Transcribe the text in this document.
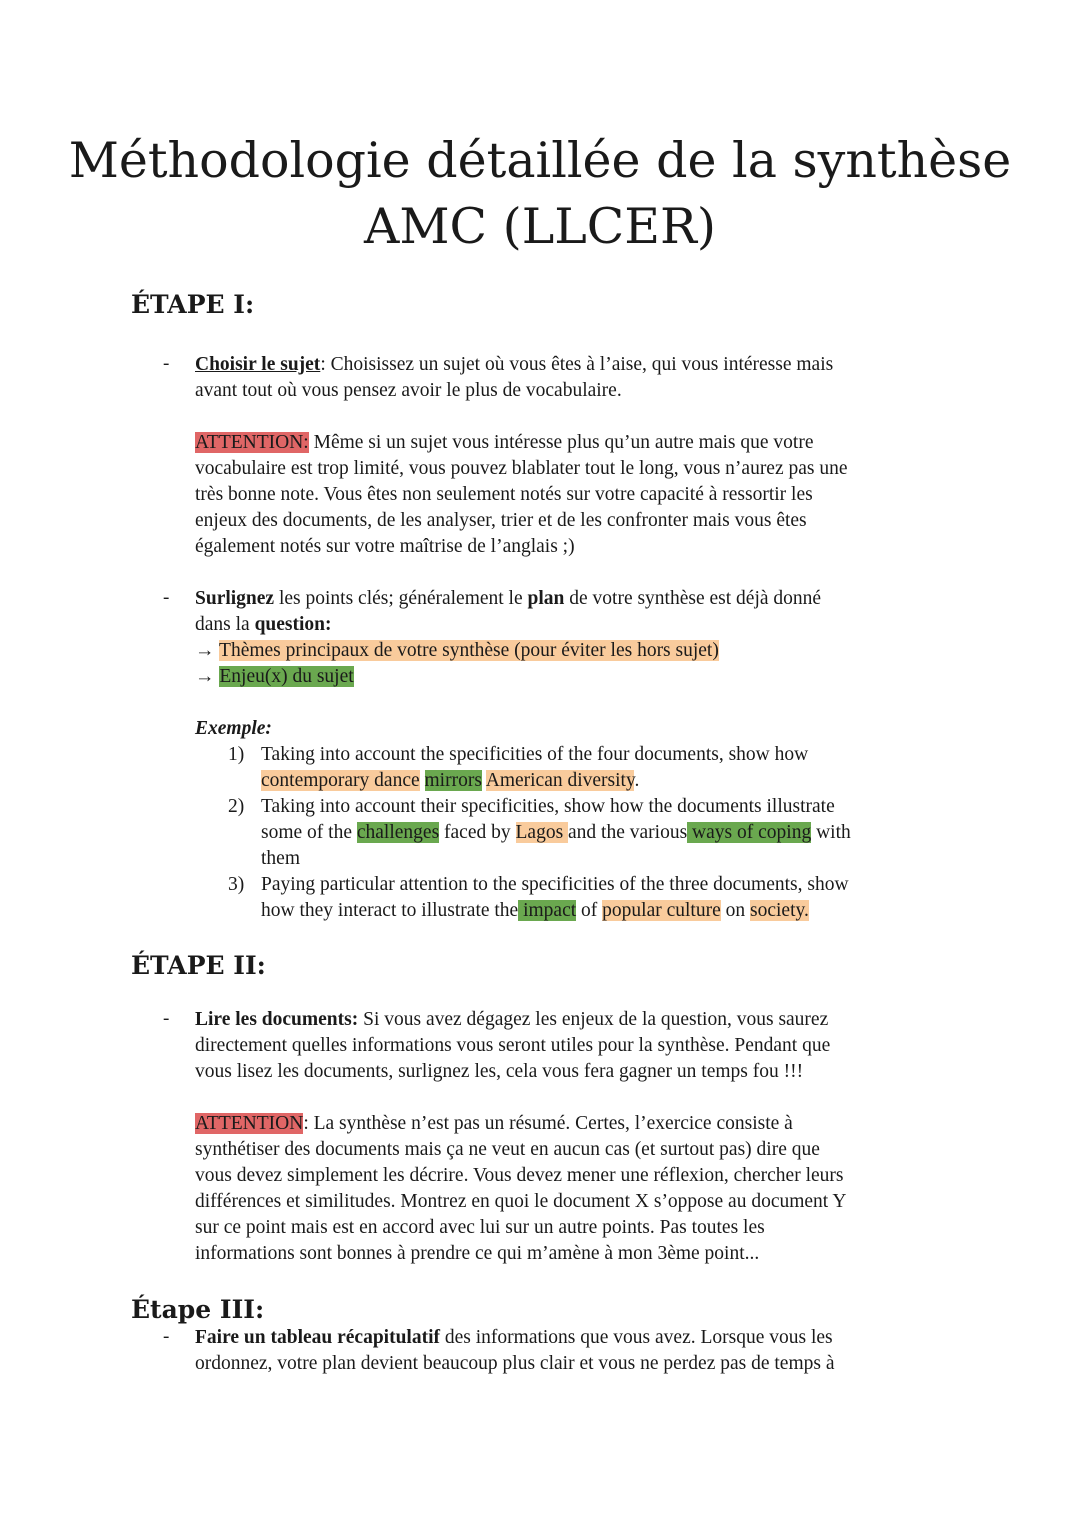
Méthodologie détaillée de la synthèse
AMC (LLCER)
ÉTAPE I:
- Choisir le sujet: Choisissez un sujet où vous êtes à l’aise, qui vous intéresse mais
avant tout où vous pensez avoir le plus de vocabulaire.
ATTENTION: Même si un sujet vous intéresse plus qu’un autre mais que votre
vocabulaire est trop limité, vous pouvez blablater tout le long, vous n’aurez pas une
très bonne note. Vous êtes non seulement notés sur votre capacité à ressortir les
enjeux des documents, de les analyser, trier et de les confronter mais vous êtes
également notés sur votre maîtrise de l’anglais ;)
- Surlignez les points clés; généralement le plan de votre synthèse est déjà donné
dans la question:
→ Thèmes principaux de votre synthèse (pour éviter les hors sujet)
→ Enjeu(x) du sujet
Exemple:
1) Taking into account the specificities of the four documents, show how
contemporary dance mirrors American diversity.
2) Taking into account their specificities, show how the documents illustrate
some of the challenges faced by Lagos and the various ways of coping with
them
3) Paying particular attention to the specificities of the three documents, show
how they interact to illustrate the impact of popular culture on society.
ÉTAPE II:
- Lire les documents: Si vous avez dégagez les enjeux de la question, vous saurez
directement quelles informations vous seront utiles pour la synthèse. Pendant que
vous lisez les documents, surlignez les, cela vous fera gagner un temps fou !!!
ATTENTION: La synthèse n’est pas un résumé. Certes, l’exercice consiste à
synthétiser des documents mais ça ne veut en aucun cas (et surtout pas) dire que
vous devez simplement les décrire. Vous devez mener une réflexion, chercher leurs
différences et similitudes. Montrez en quoi le document X s’oppose au document Y
sur ce point mais est en accord avec lui sur un autre points. Pas toutes les
informations sont bonnes à prendre ce qui m’amène à mon 3ème point...
Étape III:
- Faire un tableau récapitulatif des informations que vous avez. Lorsque vous les
ordonnez, votre plan devient beaucoup plus clair et vous ne perdez pas de temps à
